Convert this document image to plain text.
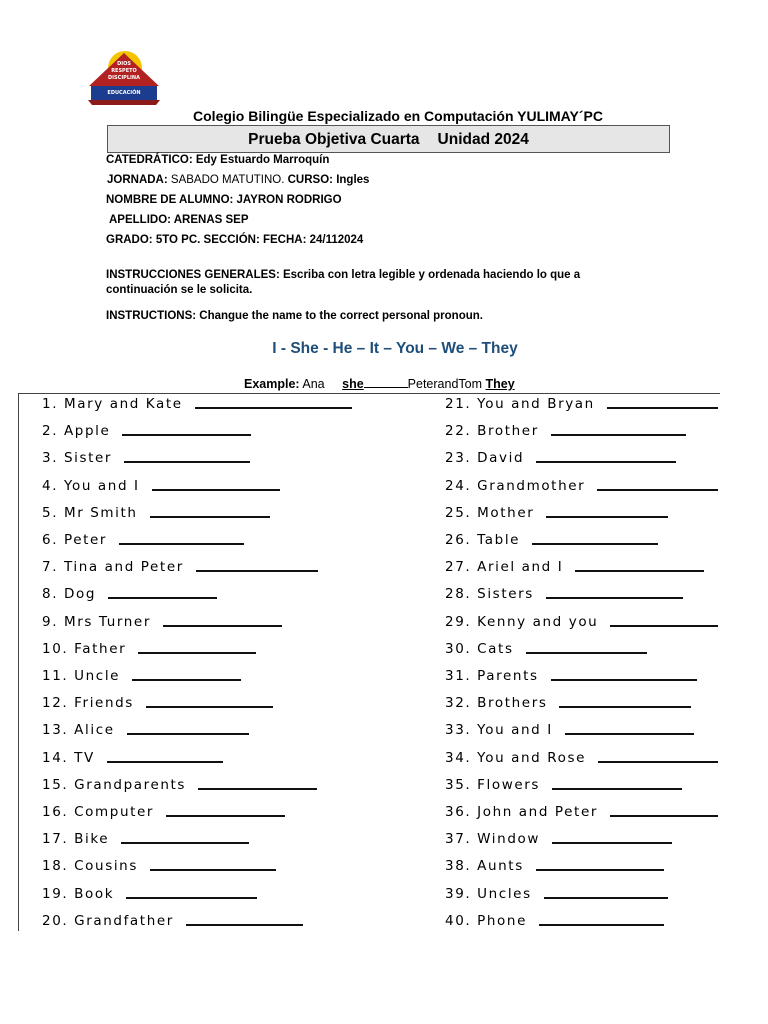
DIOS
RESPETO
DISCIPLINA
EDUCACIÓN
Colegio Bilingüe Especializado en Computación YULIMAY´PC
Prueba Objetiva Cuarta Unidad 2024
CATEDRÁTICO: Edy Estuardo Marroquín
JORNADA: SABADO MATUTINO. CURSO: Ingles
NOMBRE DE ALUMNO: JAYRON RODRIGO
APELLIDO: ARENAS SEP
GRADO: 5TO PC. SECCIÓN: FECHA: 24/112024
INSTRUCCIONES GENERALES: Escriba con letra legible y ordenada haciendo lo que a
continuación se le solicita.
INSTRUCTIONS: Changue the name to the correct personal pronoun.
I - She - He – It – You – We – They
Example: Ana she	PeterandTom They
1. Mary and Kate
2. Apple
3. Sister
4. You and I
5. Mr Smith
6. Peter
7. Tina and Peter
8. Dog
9. Mrs Turner
10. Father
11. Uncle
12. Friends
13. Alice
14. TV
15. Grandparents
16. Computer
17. Bike
18. Cousins
19. Book
20. Grandfather
21. You and Bryan
22. Brother
23. David
24. Grandmother
25. Mother
26. Table
27. Ariel and I
28. Sisters
29. Kenny and you
30. Cats
31. Parents
32. Brothers
33. You and I
34. You and Rose
35. Flowers
36. John and Peter
37. Window
38. Aunts
39. Uncles
40. Phone
